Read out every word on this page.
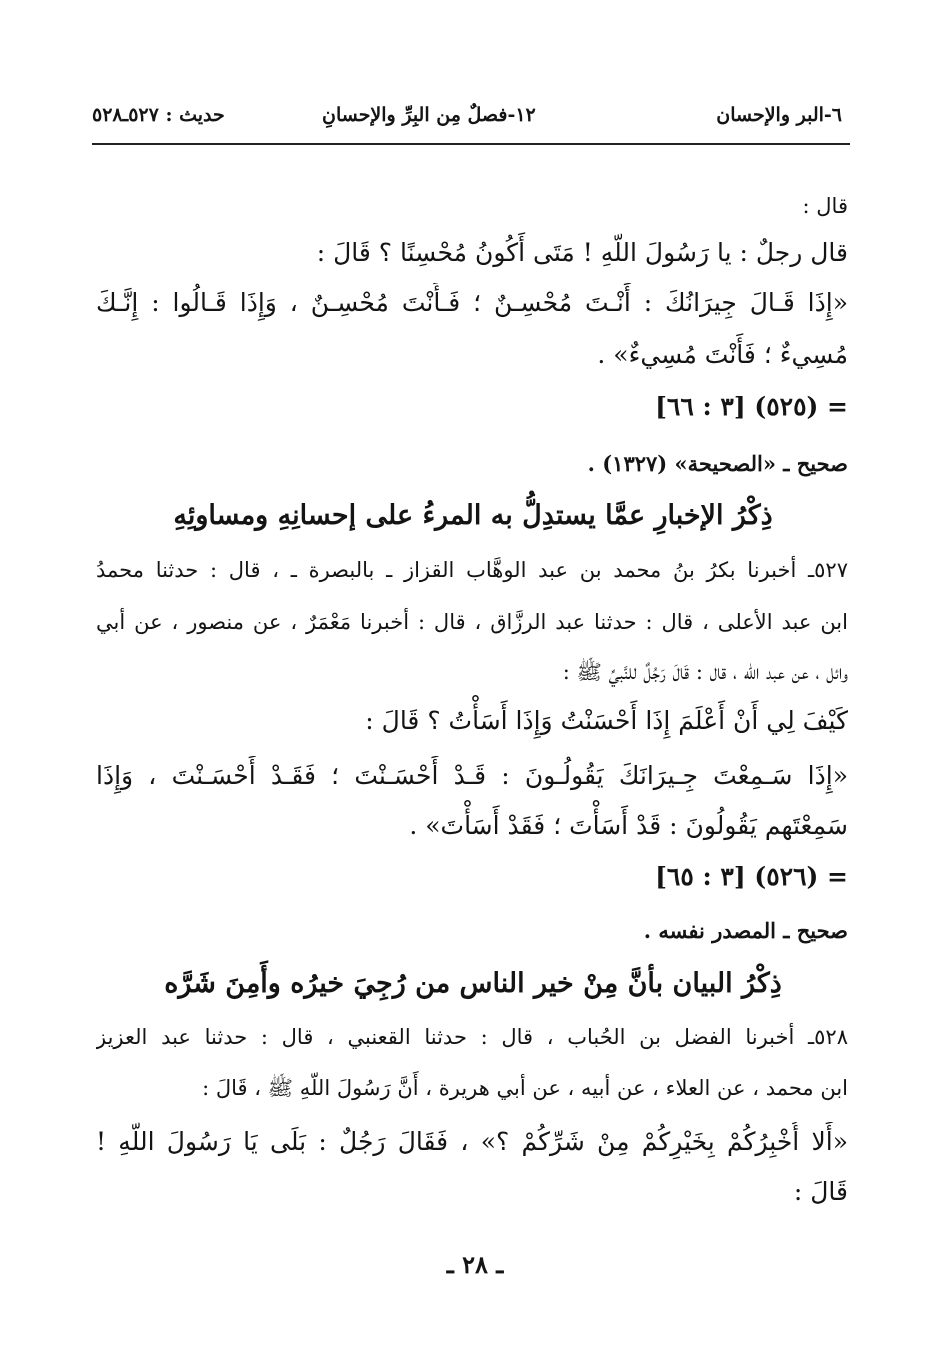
٦-البر والإحسان
١٢-فصلٌ مِن البِرِّ والإحسانِ
حديث : ٥٢٧ـ٥٢٨
قال :
قال رجلٌ : يا رَسُولَ اللّهِ ! مَتَى أَكُونُ مُحْسِنًا ؟ قَالَ :
«إِذَا قَـالَ جِيرَانُكَ : أَنْـتَ مُحْسِـنٌ ؛ فَـأَنْتَ مُحْسِـنٌ ، وَإِذَا قَـالُوا : إِنَّـكَ
مُسِيءٌ ؛ فَأَنْتَ مُسِيءٌ» .
= (٥٢٥) [٣ : ٦٦]
صحيح ـ «الصحيحة» (١٣٢٧) .
ذِكْرُ الإخبارِ عمَّا يستدِلُّ به المرءُ على إحسانِهِ ومساوئِهِ
٥٢٧ـ أخبرنا بكرُ بنُ محمد بن عبد الوهَّاب القزاز ـ بالبصرة ـ ، قال : حدثنا محمدُ
ابن عبد الأعلى ، قال : حدثنا عبد الرزَّاق ، قال : أخبرنا مَعْمَرٌ ، عن منصور ، عن أبي
وائل ، عن عبد اللّه ، قال : قَالَ رَجُلٌ للنَّبيِّ ﷺ :
كَيْفَ لِي أَنْ أَعْلَمَ إِذَا أَحْسَنْتُ وَإِذَا أَسَأْتُ ؟ قَالَ :
«إِذَا سَـمِعْتَ جِـيرَانَكَ يَقُولُـونَ : قَـدْ أَحْسَـنْتَ ؛ فَقَـدْ أَحْسَـنْتَ ، وَإِذَا
سَمِعْتَهم يَقُولُونَ : قَدْ أَسَأْتَ ؛ فَقَدْ أَسَأْتَ» .
= (٥٢٦) [٣ : ٦٥]
صحيح ـ المصدر نفسه .
ذِكْرُ البيان بأنَّ مِنْ خير الناس من رُجِيَ خيرُه وأَمِنَ شَرَّه
٥٢٨ـ أخبرنا الفضل بن الحُباب ، قال : حدثنا القعنبي ، قال : حدثنا عبد العزيز
ابن محمد ، عن العلاء ، عن أبيه ، عن أبي هريرة ، أَنَّ رَسُولَ اللّهِ ﷺ ، قَالَ :
«أَلا أُخْبِرُكُمْ بِخَيْرِكُمْ مِنْ شَرِّكُمْ ؟» ، فَقَالَ رَجُلٌ : بَلَى يَا رَسُولَ اللّهِ !
قَالَ :
ـ ٢٨ ـ
